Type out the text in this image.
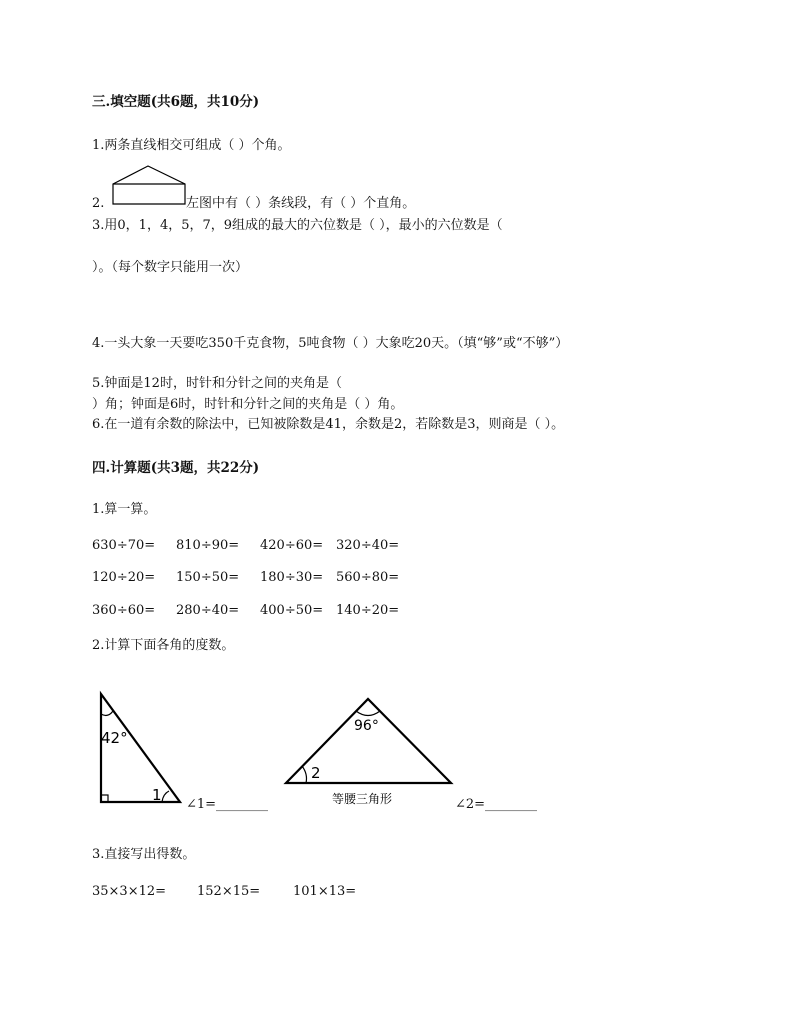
三.填空题(共6题，共10分)
1.两条直线相交可组成（ ）个角。
2.	左图中有（ ）条线段，有（ ）个直角。
3.用0，1，4，5，7，9组成的最大的六位数是（ ），最小的六位数是（
）。（每个数字只能用一次）
4.一头大象一天要吃350千克食物，5吨食物（ ）大象吃20天。（填“够”或“不够”）
5.钟面是12时，时针和分针之间的夹角是（
）角；钟面是6时，时针和分针之间的夹角是（ ）角。
6.在一道有余数的除法中，已知被除数是41，余数是2，若除数是3，则商是（ ）。
四.计算题(共3题，共22分)
1.算一算。
630÷70= 810÷90= 420÷60= 320÷40=
120÷20= 150÷50= 180÷30= 560÷80=
360÷60= 280÷40= 400÷50= 140÷20=
2.计算下面各角的度数。
42°
1
∠1=________
96°
2
等腰三角形	∠2=________
3.直接写出得数。
35×3×12= 152×15=	101×13=
